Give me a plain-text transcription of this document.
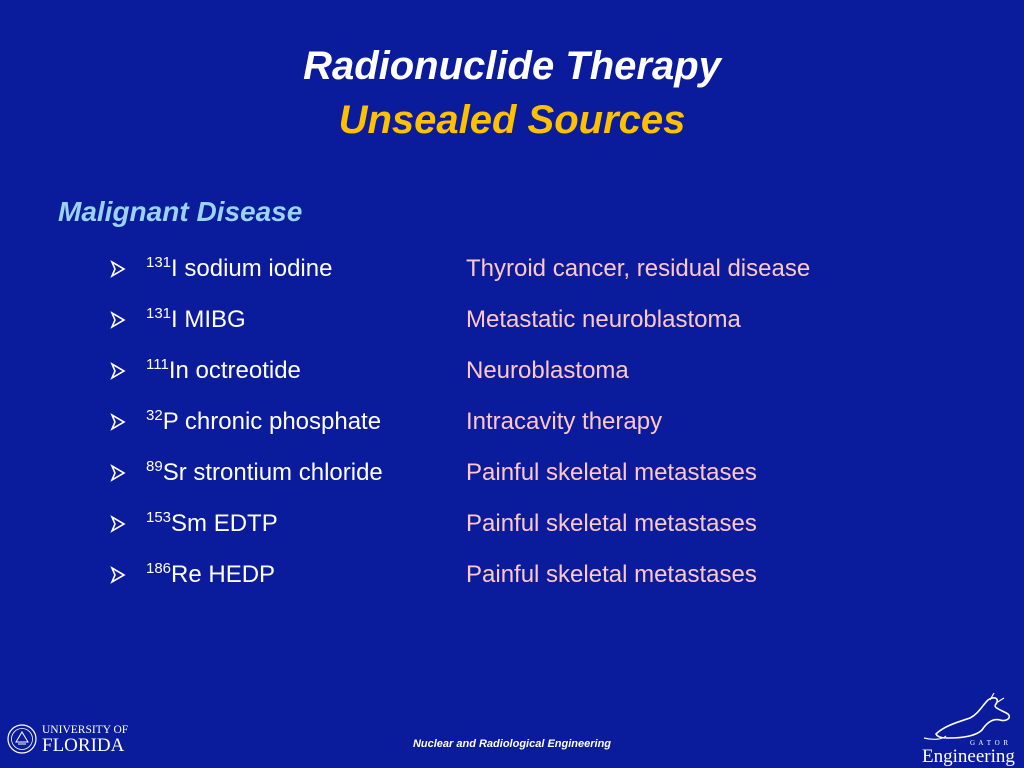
Radionuclide Therapy
Unsealed Sources
Malignant Disease
$^{131}$I sodium iodine	Thyroid cancer, residual disease
$^{131}$I MIBG	Metastatic neuroblastoma
$^{111}$In octreotide	Neuroblastoma
$^{32}$P chronic phosphate	Intracavity therapy
$^{89}$Sr strontium chloride	Painful skeletal metastases
$^{153}$Sm EDTP	Painful skeletal metastases
$^{186}$Re HEDP	Painful skeletal metastases
UNIVERSITY OF
FLORIDA	Nuclear and Radiological Engineering	G A T O R
Engineering
